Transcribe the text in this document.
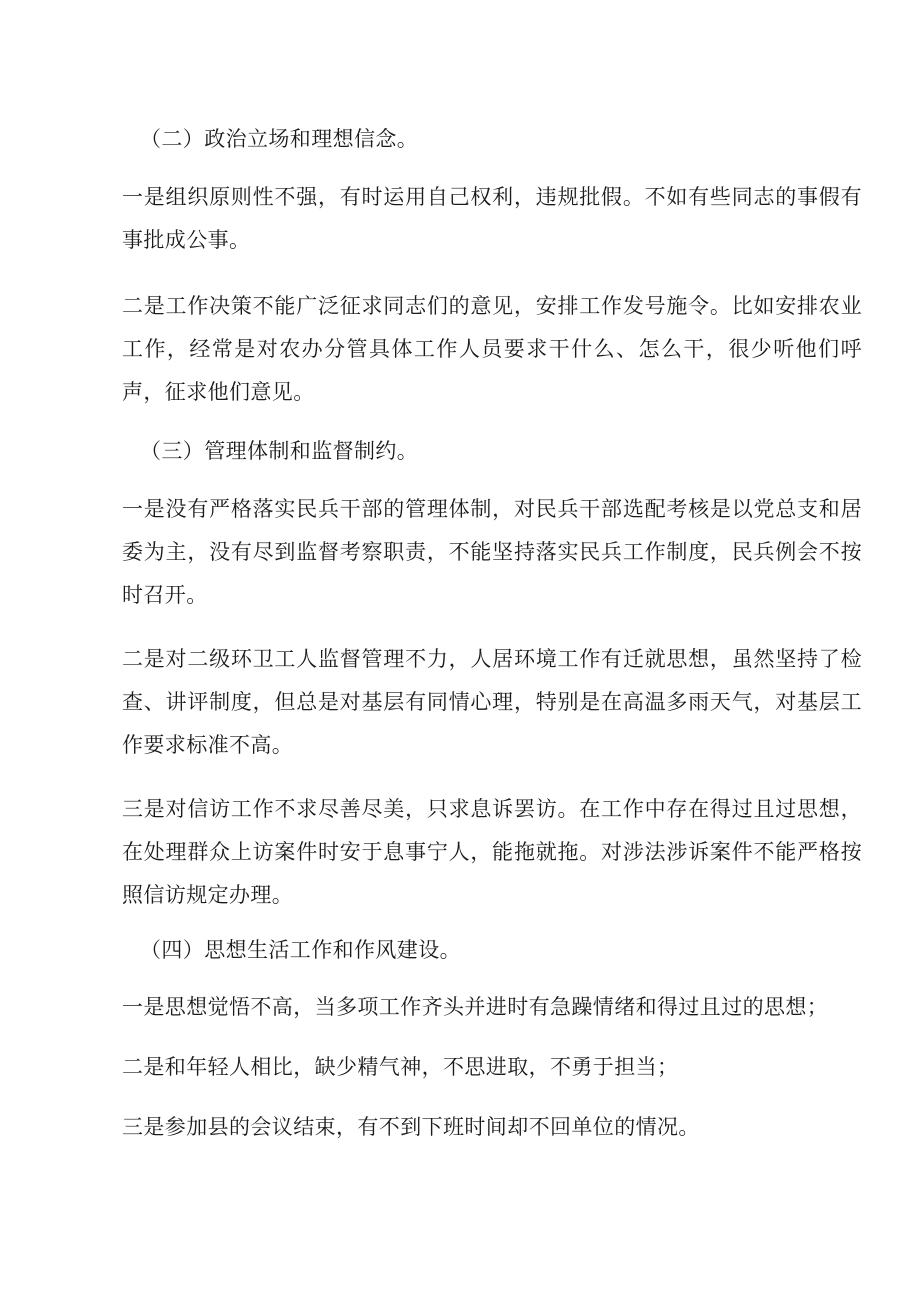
（二）政治立场和理想信念。

一是组织原则性不强，有时运用自己权利，违规批假。不如有些同志的事假有事批成公事。

二是工作决策不能广泛征求同志们的意见，安排工作发号施令。比如安排农业工作，经常是对农办分管具体工作人员要求干什么、怎么干，很少听他们呼声，征求他们意见。

（三）管理体制和监督制约。

一是没有严格落实民兵干部的管理体制，对民兵干部选配考核是以党总支和居委为主，没有尽到监督考察职责，不能坚持落实民兵工作制度，民兵例会不按时召开。

二是对二级环卫工人监督管理不力，人居环境工作有迁就思想，虽然坚持了检查、讲评制度，但总是对基层有同情心理，特别是在高温多雨天气，对基层工作要求标准不高。

三是对信访工作不求尽善尽美，只求息诉罢访。在工作中存在得过且过思想，在处理群众上访案件时安于息事宁人，能拖就拖。对涉法涉诉案件不能严格按照信访规定办理。

（四）思想生活工作和作风建设。

一是思想觉悟不高，当多项工作齐头并进时有急躁情绪和得过且过的思想；

二是和年轻人相比，缺少精气神，不思进取，不勇于担当；

三是参加县的会议结束，有不到下班时间却不回单位的情况。
